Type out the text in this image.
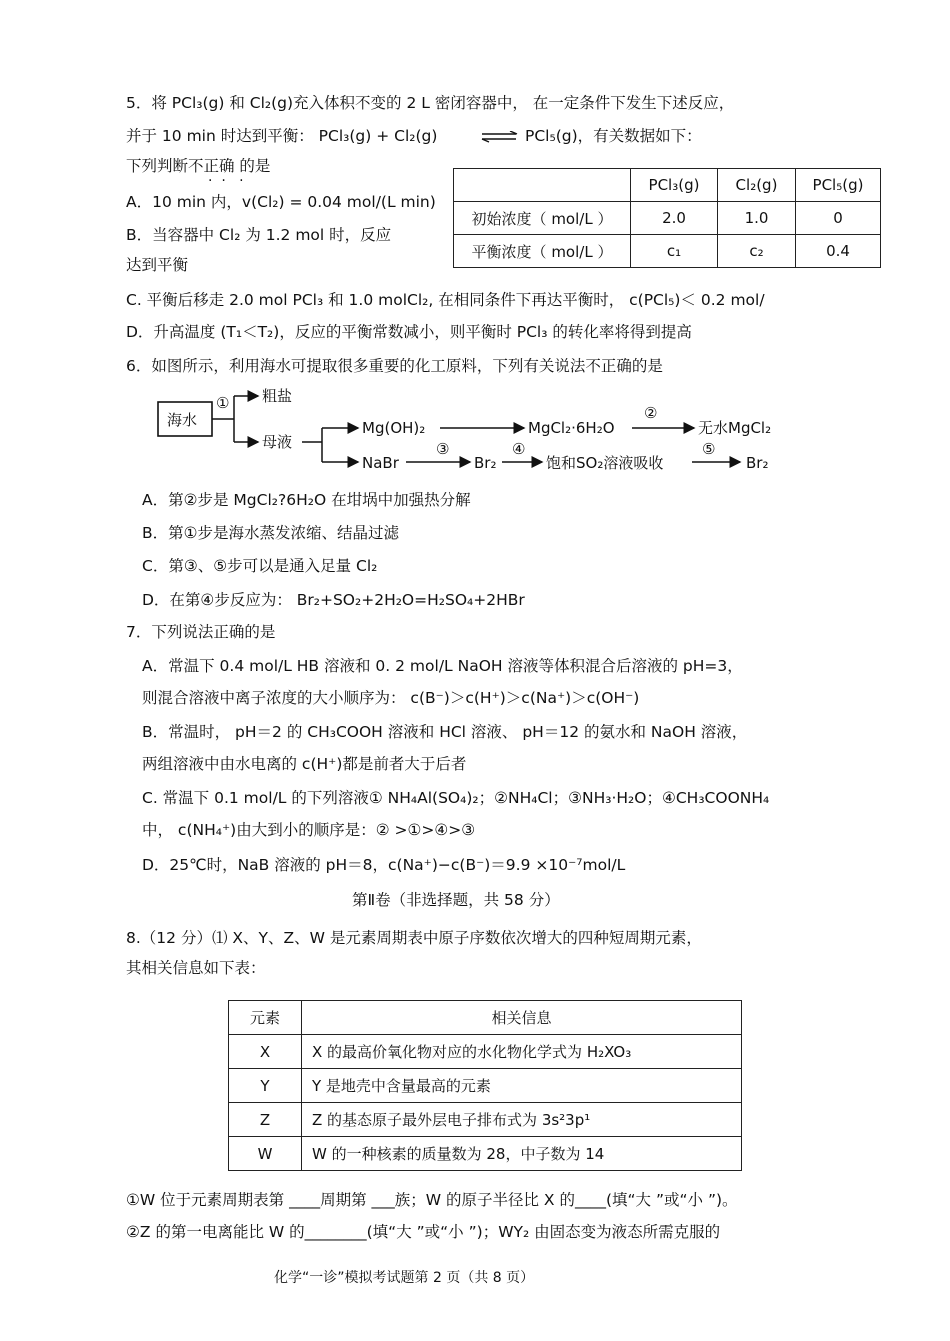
5．将 PCl₃(g) 和 Cl₂(g)充入体积不变的 2 L 密闭容器中， 在一定条件下发生下述反应，
并于 10 min 时达到平衡： PCl₃(g) + Cl₂(g)	⇌ PCl₅(g)，有关数据如下：
下列判断不正确 的是
·  ·   ·
A．10 min 内，v(Cl₂) = 0.04 mol/(L min)
B．当容器中 Cl₂ 为 1.2 mol 时，反应
达到平衡
	PCl₃(g)	Cl₂(g)	PCl₅(g)
初始浓度（ mol/L ）	2.0	1.0	0
平衡浓度（ mol/L ）	c₁	c₂	0.4
C. 平衡后移走 2.0 mol PCl₃ 和 1.0 molCl₂, 在相同条件下再达平衡时， c(PCl₅)＜ 0.2 mol/
D．升高温度 (T₁＜T₂)，反应的平衡常数减小，则平衡时 PCl₃ 的转化率将得到提高
6．如图所示，利用海水可提取很多重要的化工原料，下列有关说法不正确的是
海水
① 粗盐
母液
Mg(OH)₂	MgCl₂·6H₂O
②
无水MgCl₂
NaBr
③
Br₂
④
饱和SO₂溶液吸收
⑤
Br₂
A．第②步是 MgCl₂?6H₂O 在坩埚中加强热分解
B．第①步是海水蒸发浓缩、结晶过滤
C．第③、⑤步可以是通入足量 Cl₂
D．在第④步反应为： Br₂+SO₂+2H₂O=H₂SO₄+2HBr
7．下列说法正确的是
A．常温下 0.4 mol/L HB 溶液和 0. 2 mol/L NaOH 溶液等体积混合后溶液的 pH=3，
则混合溶液中离子浓度的大小顺序为： c(B⁻)＞c(H⁺)＞c(Na⁺)＞c(OH⁻)
B．常温时， pH＝2 的 CH₃COOH 溶液和 HCl 溶液、 pH＝12 的氨水和 NaOH 溶液，
两组溶液中由水电离的 c(H⁺)都是前者大于后者
C. 常温下 0.1 mol/L 的下列溶液① NH₄Al(SO₄)₂；②NH₄Cl；③NH₃·H₂O；④CH₃COONH₄
中， c(NH₄⁺)由大到小的顺序是：② >①>④>③
D．25℃时，NaB 溶液的 pH＝8，c(Na⁺)−c(B⁻)＝9.9 ×10⁻⁷mol/L
第Ⅱ卷（非选择题，共 58 分）
8.（12 分）⑴ X、Y、Z、W 是元素周期表中原子序数依次增大的四种短周期元素，
其相关信息如下表：
元素	相关信息
X	X 的最高价氧化物对应的水化物化学式为 H₂XO₃
Y	Y 是地壳中含量最高的元素
Z	Z 的基态原子最外层电子排布式为 3s²3p¹
W	W 的一种核素的质量数为 28，中子数为 14
①W 位于元素周期表第 ____周期第 ___族；W 的原子半径比 X 的____(填“大 ”或“小 ”)。
②Z 的第一电离能比 W 的________(填“大 ”或“小 ”)；WY₂ 由固态变为液态所需克服的
化学“一诊”模拟考试题第 2 页（共 8 页）
